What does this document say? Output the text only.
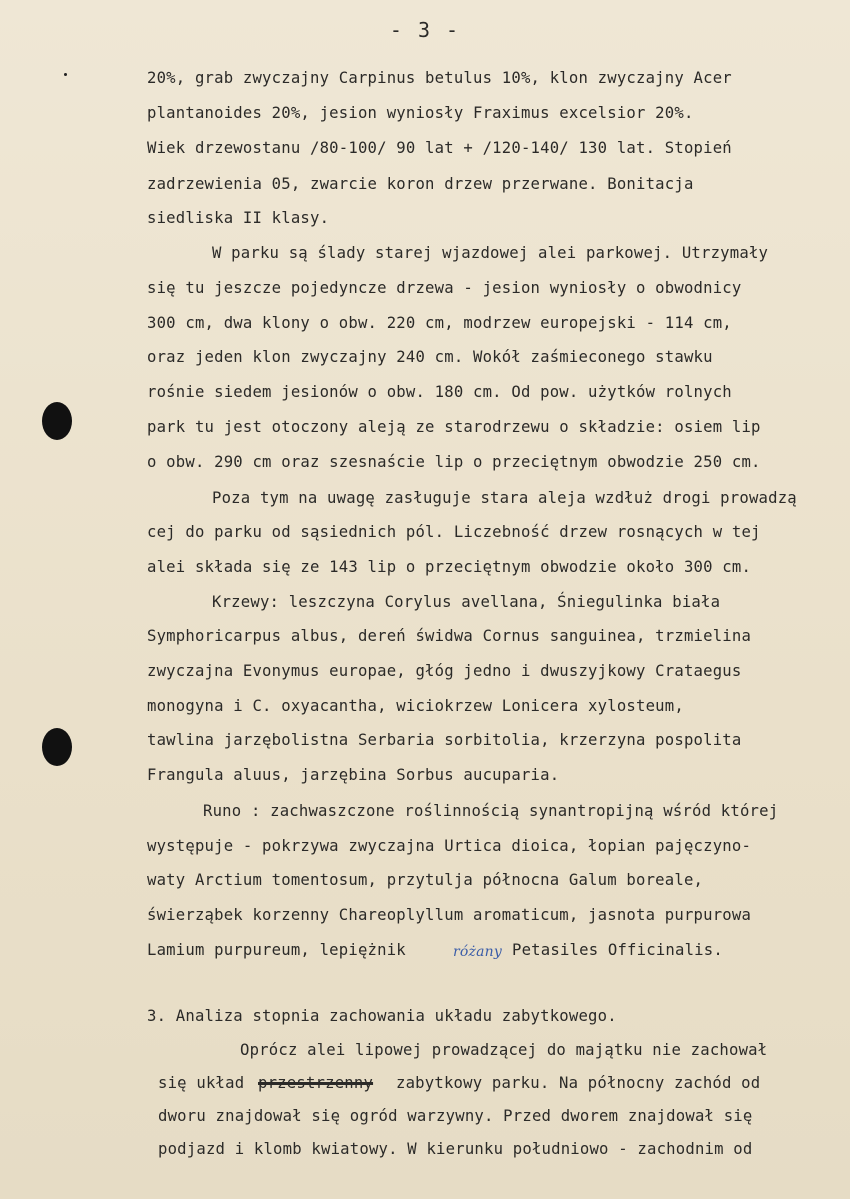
- 3 -
20%, grab zwyczajny Carpinus betulus 10%, klon zwyczajny Acer
plantanoides 20%, jesion wyniosły Fraximus excelsior 20%.
Wiek drzewostanu /80-100/ 90 lat + /120-140/ 130 lat. Stopień
zadrzewienia 05, zwarcie koron drzew przerwane. Bonitacja
siedliska II klasy.
W parku są ślady starej wjazdowej alei parkowej. Utrzymały
się tu jeszcze pojedyncze drzewa - jesion wyniosły o obwodnicy
300 cm, dwa klony o obw. 220 cm, modrzew europejski - 114 cm,
oraz jeden klon zwyczajny 240 cm. Wokół zaśmieconego stawku
rośnie siedem jesionów o obw. 180 cm. Od pow. użytków rolnych
park tu jest otoczony aleją ze starodrzewu o składzie: osiem lip
o obw. 290 cm oraz szesnaście lip o przeciętnym obwodzie 250 cm.
Poza tym na uwagę zasługuje stara aleja wzdłuż drogi prowadzą
cej do parku od sąsiednich pól. Liczebność drzew rosnących w tej
alei składa się ze 143 lip o przeciętnym obwodzie około 300 cm.
Krzewy: leszczyna Corylus avellana, Śniegulinka biała
Symphoricarpus albus, dereń świdwa Cornus sanguinea, trzmielina
zwyczajna Evonymus europae, głóg jedno i dwuszyjkowy Crataegus
monogyna i C. oxyacantha, wiciokrzew Lonicera xylosteum,
tawlina jarzębolistna Serbaria sorbitolia, krzerzyna pospolita
Frangula aluus, jarzębina Sorbus aucuparia.
Runo : zachwaszczone roślinnością synantropijną wśród której
występuje - pokrzywa zwyczajna Urtica dioica, łopian pajęczyno-
waty Arctium tomentosum, przytulja północna Galum boreale,
świerząbek korzenny Chareoplyllum aromaticum, jasnota purpurowa
Lamium purpureum, lepiężnik	różany Petasiles Officinalis.
3. Analiza stopnia zachowania układu zabytkowego.
Oprócz alei lipowej prowadzącej do majątku nie zachował
się układ przestrzenny zabytkowy parku. Na północny zachód od
dworu znajdował się ogród warzywny. Przed dworem znajdował się
podjazd i klomb kwiatowy. W kierunku południowo - zachodnim od
